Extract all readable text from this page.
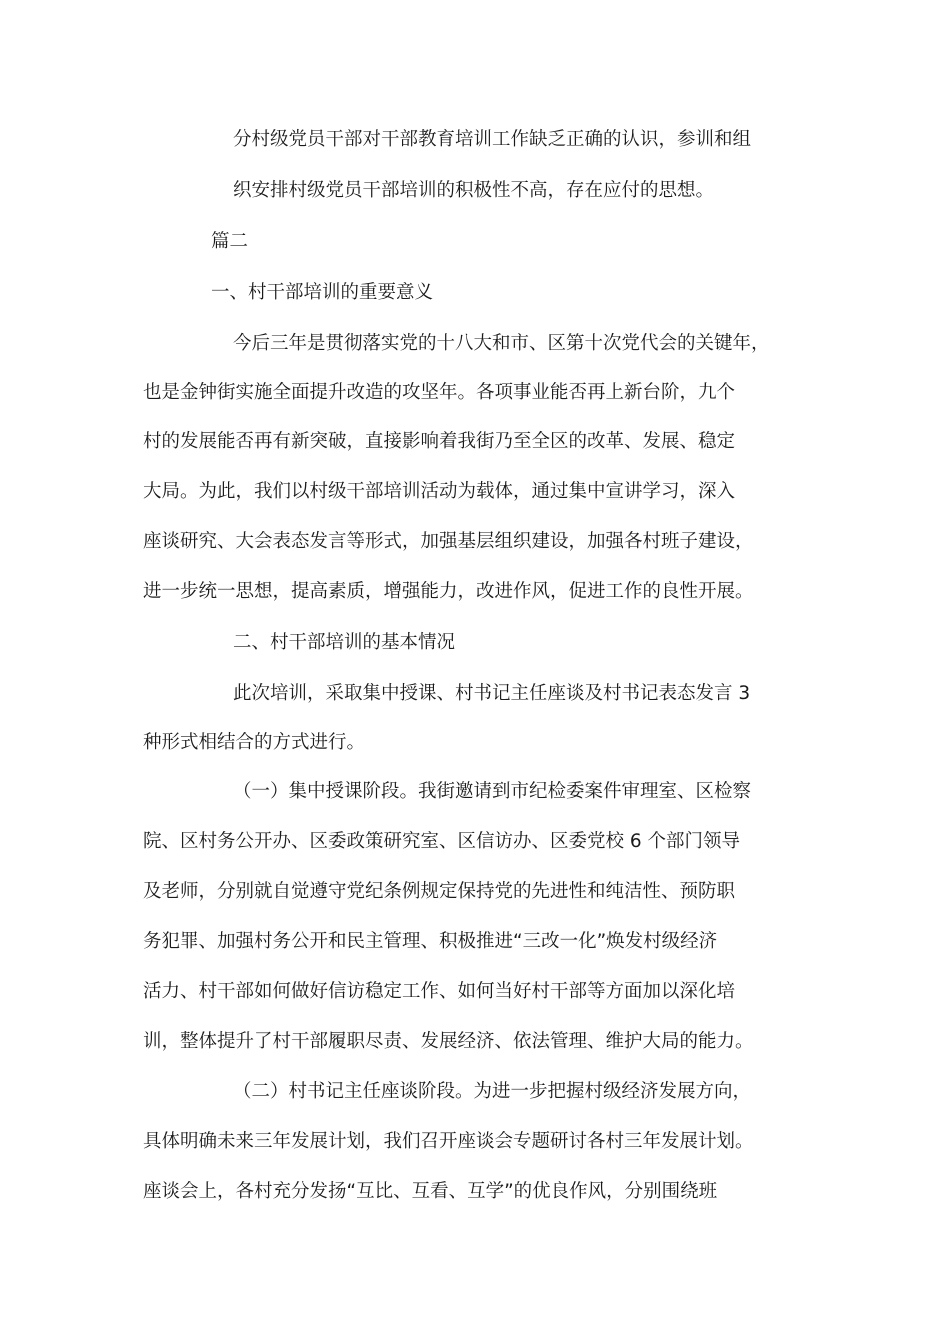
分村级党员干部对干部教育培训工作缺乏正确的认识，参训和组

织安排村级党员干部培训的积极性不高，存在应付的思想。

篇二

一、村干部培训的重要意义

今后三年是贯彻落实党的十八大和市、区第十次党代会的关键年，

也是金钟街实施全面提升改造的攻坚年。各项事业能否再上新台阶，九个

村的发展能否再有新突破，直接影响着我街乃至全区的改革、发展、稳定

大局。为此，我们以村级干部培训活动为载体，通过集中宣讲学习，深入

座谈研究、大会表态发言等形式，加强基层组织建设，加强各村班子建设，

进一步统一思想，提高素质，增强能力，改进作风，促进工作的良性开展。

二、村干部培训的基本情况

此次培训，采取集中授课、村书记主任座谈及村书记表态发言 3

种形式相结合的方式进行。

（一）集中授课阶段。我街邀请到市纪检委案件审理室、区检察

院、区村务公开办、区委政策研究室、区信访办、区委党校 6 个部门领导

及老师，分别就自觉遵守党纪条例规定保持党的先进性和纯洁性、预防职

务犯罪、加强村务公开和民主管理、积极推进“三改一化”焕发村级经济

活力、村干部如何做好信访稳定工作、如何当好村干部等方面加以深化培

训，整体提升了村干部履职尽责、发展经济、依法管理、维护大局的能力。

（二）村书记主任座谈阶段。为进一步把握村级经济发展方向，

具体明确未来三年发展计划，我们召开座谈会专题研讨各村三年发展计划。

座谈会上，各村充分发扬“互比、互看、互学”的优良作风，分别围绕班
